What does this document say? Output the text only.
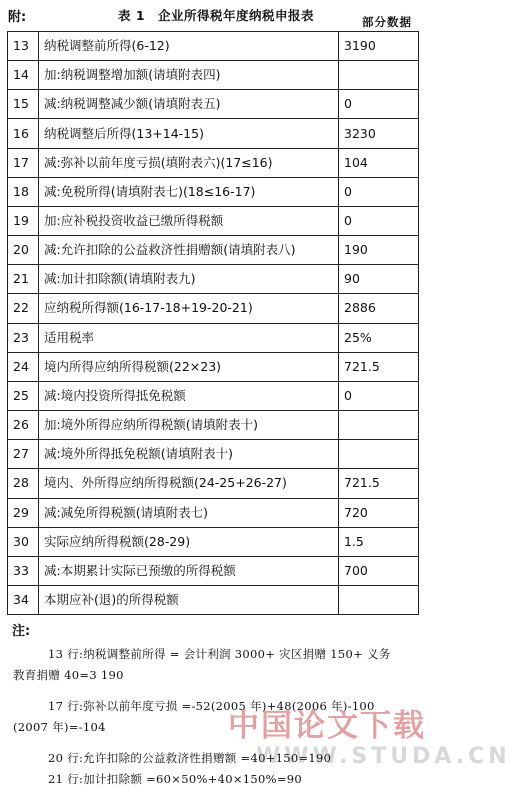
附:	表 1　企业所得税年度纳税申报表	部分数据
13	纳税调整前所得(6-12)	3190
14	加:纳税调整增加额(请填附表四)	
15	减:纳税调整减少额(请填附表五)	0
16	纳税调整后所得(13+14-15)	3230
17	减:弥补以前年度亏损(填附表六)(17≤16)	104
18	减:免税所得(请填附表七)(18≤16-17)	0
19	加:应补税投资收益已缴所得税额	0
20	减:允许扣除的公益救济性捐赠额(请填附表八)	190
21	减:加计扣除额(请填附表九)	90
22	应纳税所得额(16-17-18+19-20-21)	2886
23	适用税率	25%
24	境内所得应纳所得税额(22×23)	721.5
25	减:境内投资所得抵免税额	0
26	加:境外所得应纳所得税额(请填附表十)	
27	减:境外所得抵免税额(请填附表十)	
28	境内、外所得应纳所得税额(24-25+26-27)	721.5
29	减:减免所得税额(请填附表七)	720
30	实际应纳所得税额(28-29)	1.5
33	减:本期累计实际已预缴的所得税额	700
34	本期应补(退)的所得税额	
注:
13 行:纳税调整前所得 = 会计利润 3000+ 灾区捐赠 150+ 义务
教育捐赠 40=3 190
17 行:弥补以前年度亏损 =-52(2005 年)+48(2006 年)-100
(2007 年)=-104
20 行:允许扣除的公益救济性捐赠额 =40+150=190
21 行:加计扣除额 =60×50%+40×150%=90
中国论文下载
WWW.STUDA.CN
